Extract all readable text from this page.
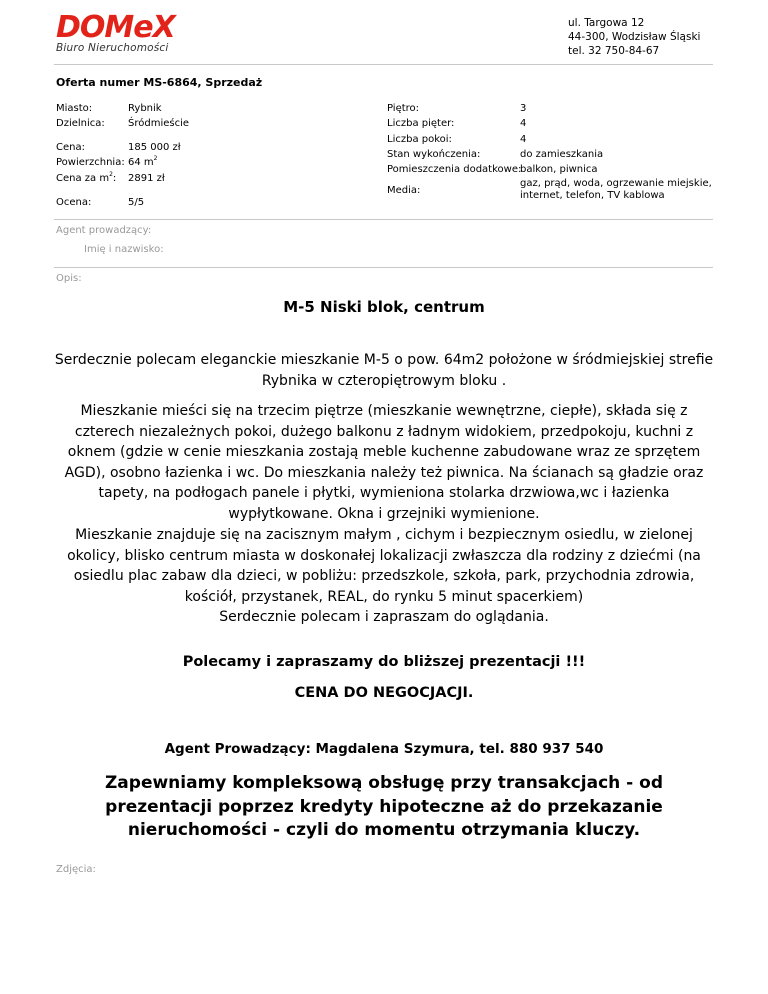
DOMeX
Biuro Nieruchomości
ul. Targowa 12
44-300, Wodzisław Śląski
tel. 32 750-84-67
Oferta numer MS-6864, Sprzedaż
Miasto:	Rybnik
Dzielnica: Śródmieście
Cena:	185 000 zł
Powierzchnia: 64 $m^2$
Cena za $m^2$: 2891 zł
Ocena:	5/5
Piętro:	3
Liczba pięter:	4
Liczba pokoi:	4
Stan wykończenia:	do zamieszkania
Pomieszczenia dodatkowe:
balkon, piwnica
Media:
gaz, prąd, woda, ogrzewanie miejskie,
internet, telefon, TV kablowa
Agent prowadzący:
Imię i nazwisko:
Opis:
M-5 Niski blok, centrum
Serdecznie polecam eleganckie mieszkanie M-5 o pow. 64m2 położone w śródmiejskiej strefie Rybnika w czteropiętrowym bloku .
Mieszkanie mieści się na trzecim piętrze (mieszkanie wewnętrzne, ciepłe), składa się z czterech niezależnych pokoi, dużego balkonu z ładnym widokiem, przedpokoju, kuchni z oknem (gdzie w cenie mieszkania zostają meble kuchenne zabudowane wraz ze sprzętem AGD), osobno łazienka i wc. Do mieszkania należy też piwnica. Na ścianach są gładzie oraz tapety, na podłogach panele i płytki, wymieniona stolarka drzwiowa,wc i łazienka wypłytkowane. Okna i grzejniki wymienione.
Mieszkanie znajduje się na zacisznym małym , cichym i bezpiecznym osiedlu, w zielonej okolicy, blisko centrum miasta w doskonałej lokalizacji zwłaszcza dla rodziny z dziećmi (na osiedlu plac zabaw dla dzieci, w pobliżu: przedszkole, szkoła, park, przychodnia zdrowia, kościół, przystanek, REAL, do rynku 5 minut spacerkiem)
Serdecznie polecam i zapraszam do oglądania.
Polecamy i zapraszamy do bliższej prezentacji !!!
CENA DO NEGOCJACJI.
Agent Prowadzący: Magdalena Szymura, tel. 880 937 540
Zapewniamy kompleksową obsługę przy transakcjach - od prezentacji poprzez kredyty hipoteczne aż do przekazanie nieruchomości - czyli do momentu otrzymania kluczy.
Zdjęcia:
